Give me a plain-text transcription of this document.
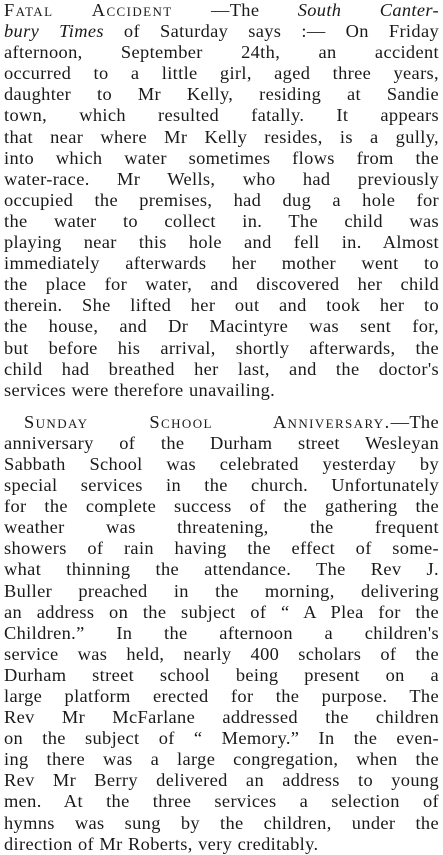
Fatal Accident —The South Canter-
bury Times of Saturday says :— On Friday
afternoon, September 24th, an accident
occurred to a little girl, aged three years,
daughter to Mr Kelly, residing at Sandie
town, which resulted fatally. It appears
that near where Mr Kelly resides, is a gully,
into which water sometimes flows from the
water-race. Mr Wells, who had previously
occupied the premises, had dug a hole for
the water to collect in. The child was
playing near this hole and fell in. Almost
immediately afterwards her mother went to
the place for water, and discovered her child
therein. She lifted her out and took her to
the house, and Dr Macintyre was sent for,
but before his arrival, shortly afterwards, the
child had breathed her last, and the doctor's
services were therefore unavailing.
Sunday School Anniversary.—The
anniversary of the Durham street Wesleyan
Sabbath School was celebrated yesterday by
special services in the church. Unfortunately
for the complete success of the gathering the
weather was threatening, the frequent
showers of rain having the effect of some-
what thinning the attendance. The Rev J.
Buller preached in the morning, delivering
an address on the subject of “ A Plea for the
Children.” In the afternoon a children's
service was held, nearly 400 scholars of the
Durham street school being present on a
large platform erected for the purpose. The
Rev Mr McFarlane addressed the children
on the subject of “ Memory.” In the even-
ing there was a large congregation, when the
Rev Mr Berry delivered an address to young
men. At the three services a selection of
hymns was sung by the children, under the
direction of Mr Roberts, very creditably.
